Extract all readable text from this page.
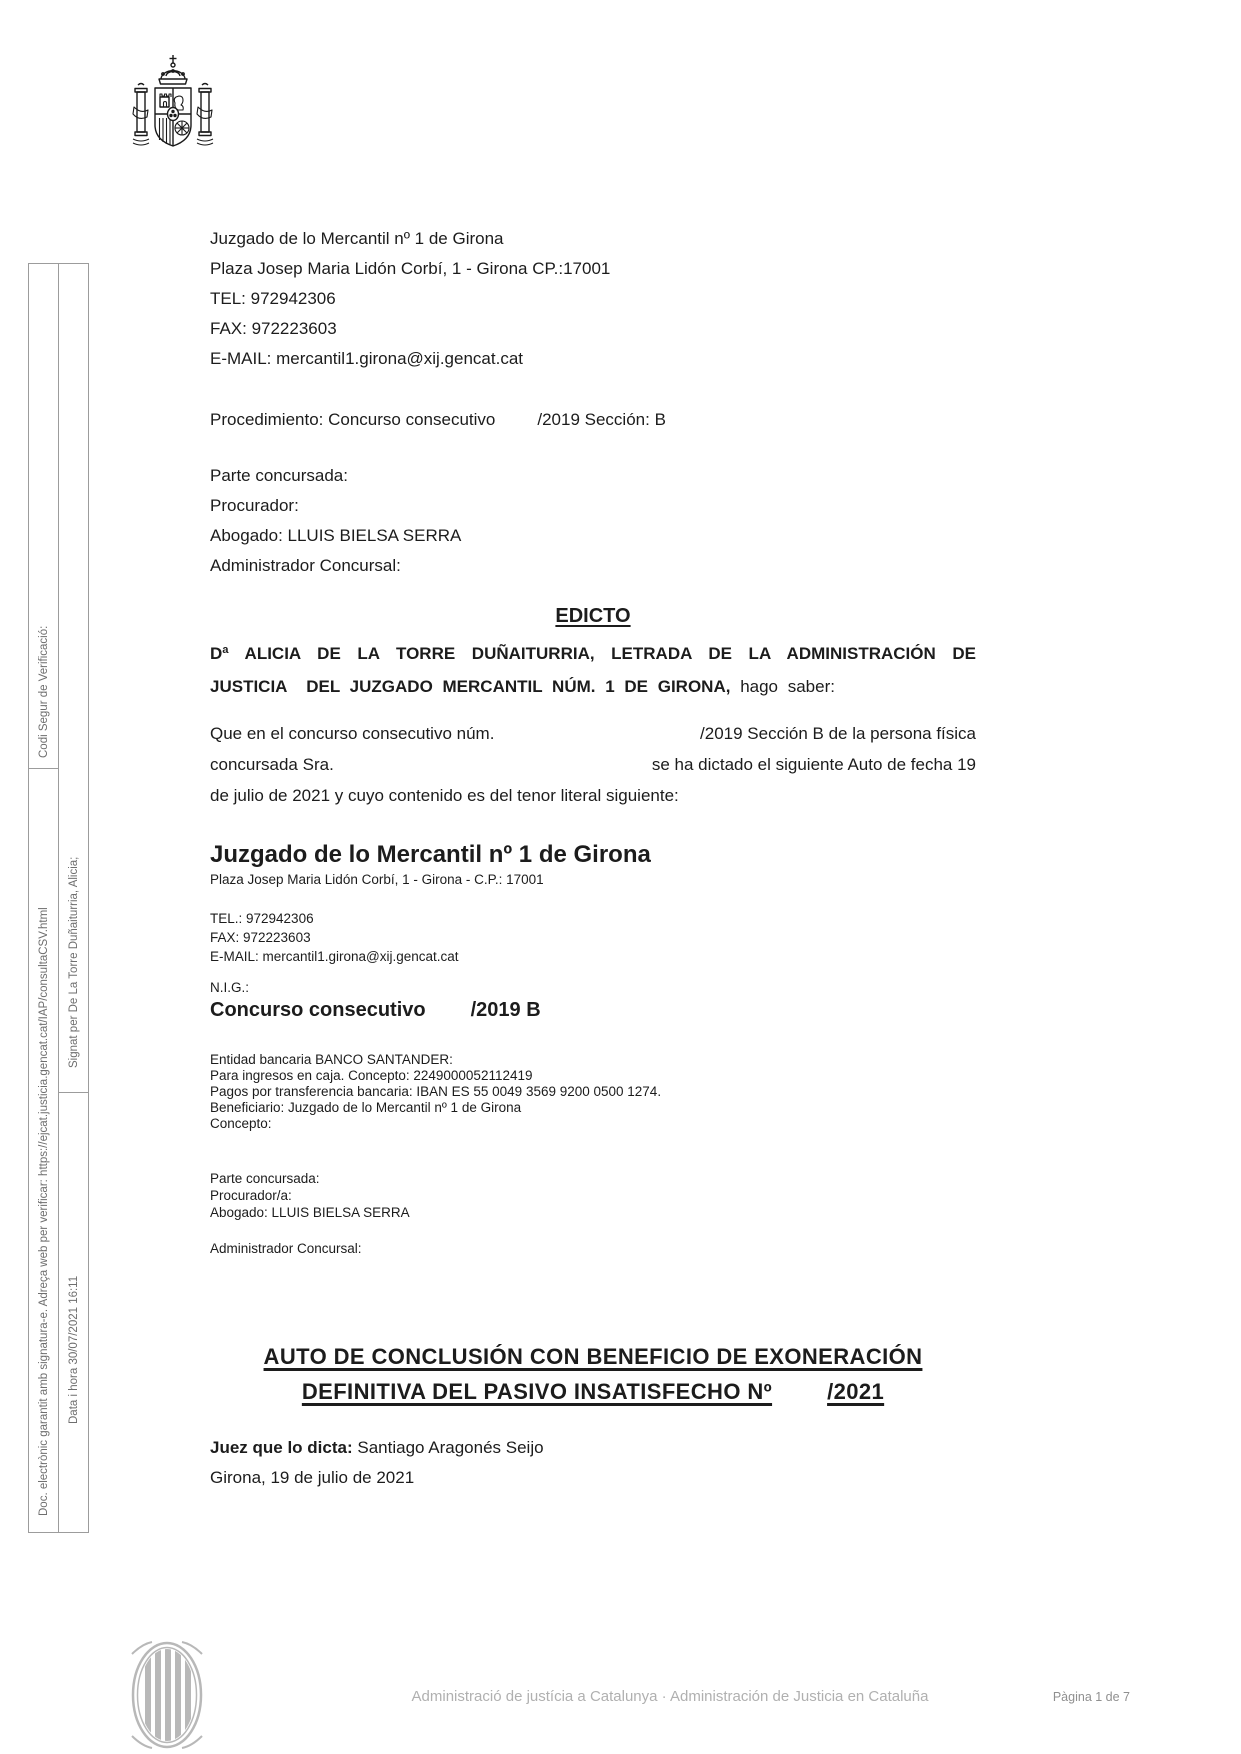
Codi Segur de Verificació:
Doc. electrònic garantit amb signatura-e. Adreça web per verificar: https://ejcat.justicia.gencat.cat/IAP/consultaCSV.html Signat per De La Torre Duñaiturria, Alicia;
Data i hora 30/07/2021 16:11
Juzgado de lo Mercantil nº 1 de Girona
Plaza Josep Maria Lidón Corbí, 1 - Girona CP.:17001
TEL: 972942306
FAX: 972223603
E-MAIL: mercantil1.girona@xij.gencat.cat
Procedimiento: Concurso consecutivo /2019 Sección: B
Parte concursada:
Procurador:
Abogado: LLUIS BIELSA SERRA
Administrador Concursal:
EDICTO
Dª ALICIA DE LA TORRE DUÑAITURRIA, LETRADA DE LA ADMINISTRACIÓN DE
JUSTICIA  DEL JUZGADO MERCANTIL NÚM. 1 DE GIRONA, hago saber:
Que en el concurso consecutivo núm.	/2019 Sección B de la persona física
concursada Sra.	se ha dictado el siguiente Auto de fecha 19
de julio de 2021 y cuyo contenido es del tenor literal siguiente:
Juzgado de lo Mercantil nº 1 de Girona
Plaza Josep Maria Lidón Corbí, 1 - Girona - C.P.: 17001
TEL.: 972942306
FAX: 972223603
E-MAIL: mercantil1.girona@xij.gencat.cat
N.I.G.:
Concurso consecutivo /2019 B
Entidad bancaria BANCO SANTANDER:
Para ingresos en caja. Concepto: 2249000052112419
Pagos por transferencia bancaria: IBAN ES 55 0049 3569 9200 0500 1274.
Beneficiario: Juzgado de lo Mercantil nº 1 de Girona
Concepto:
Parte concursada:
Procurador/a:
Abogado: LLUIS BIELSA SERRA
Administrador Concursal:
AUTO DE CONCLUSIÓN CON BENEFICIO DE EXONERACIÓN
DEFINITIVA DEL PASIVO INSATISFECHO Nº	/2021
Juez que lo dicta: Santiago Aragonés Seijo
Girona, 19 de julio de 2021
Administració de justícia a Catalunya · Administración de Justicia en Cataluña	Pàgina 1 de 7
